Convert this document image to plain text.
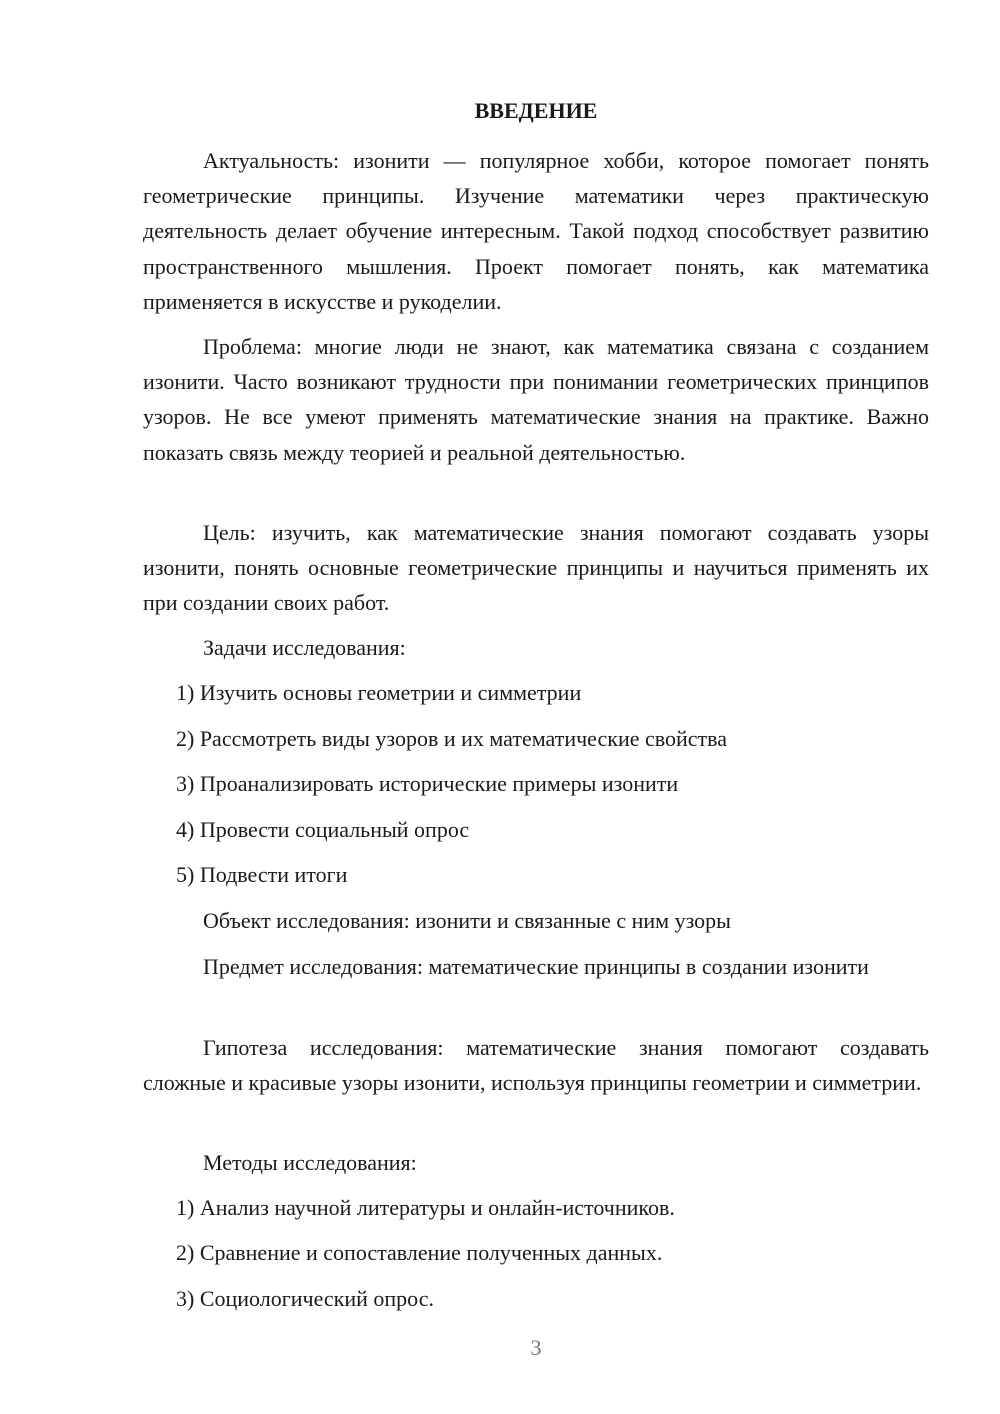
ВВЕДЕНИЕ

Актуальность: изонити — популярное хобби, которое помогает понять геометрические принципы. Изучение математики через практическую деятельность делает обучение интересным. Такой подход способствует развитию пространственного мышления. Проект помогает понять, как математика применяется в искусстве и рукоделии.

Проблема: многие люди не знают, как математика связана с созданием изонити. Часто возникают трудности при понимании геометрических принципов узоров. Не все умеют применять математические знания на практике. Важно показать связь между теорией и реальной деятельностью.

Цель: изучить, как математические знания помогают создавать узоры изонити, понять основные геометрические принципы и научиться применять их при создании своих работ.

Задачи исследования:

1) Изучить основы геометрии и симметрии

2) Рассмотреть виды узоров и их математические свойства

3) Проанализировать исторические примеры изонити

4) Провести социальный опрос

5) Подвести итоги

Объект исследования: изонити и связанные с ним узоры

Предмет исследования: математические принципы в создании изонити

Гипотеза исследования: математические знания помогают создавать сложные и красивые узоры изонити, используя принципы геометрии и симметрии.

Методы исследования:

1) Анализ научной литературы и онлайн-источников.

2) Сравнение и сопоставление полученных данных.

3) Социологический опрос.

3
